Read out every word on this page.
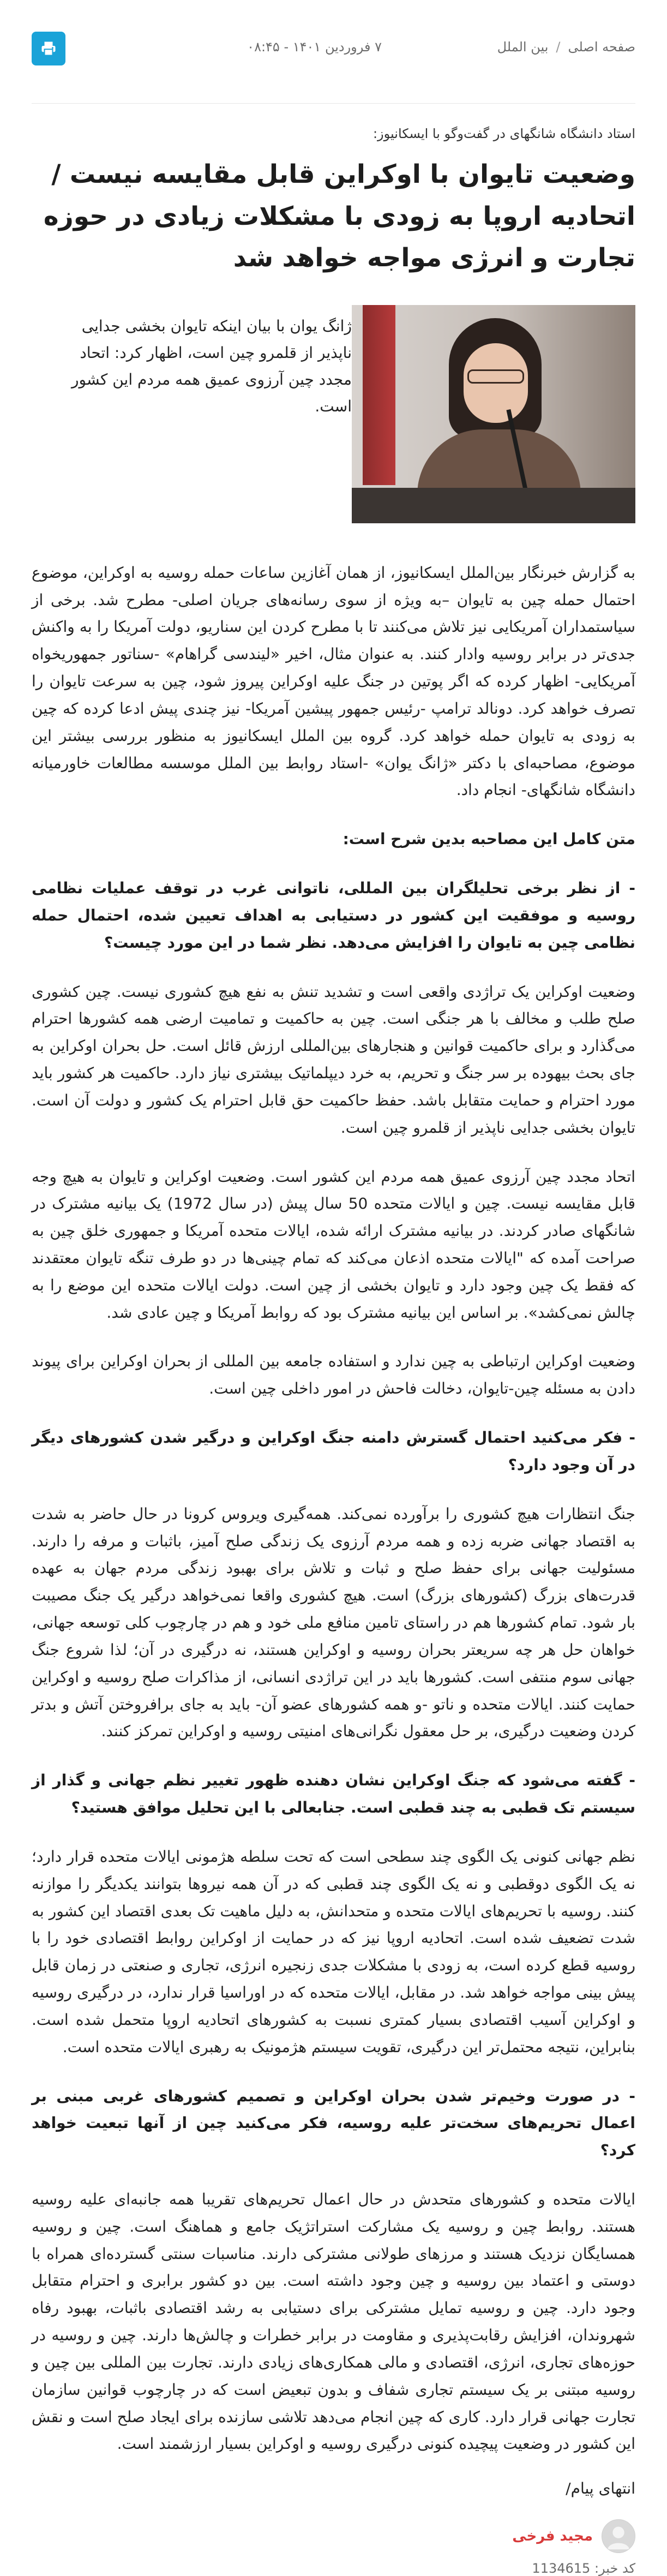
صفحه اصلی
/
بین الملل
۷ فروردین ۱۴۰۱ - ۰۸:۴۵
استاد دانشگاه شانگهای در گفت‌وگو با ایسکانیوز:
وضعیت تایوان با اوکراین قابل مقایسه نیست / اتحادیه اروپا به زودی با مشکلات زیادی در حوزه تجارت و انرژی مواجه خواهد شد

ژانگ یوان با بیان اینکه تایوان بخشی جدایی ناپذیر از قلمرو چین است، اظهار کرد: اتحاد مجدد چین آرزوی عمیق همه مردم این کشور است.

به گزارش خبرنگار بین‌الملل ایسکانیوز، از همان آغازین ساعات حمله روسیه به اوکراین، موضوع احتمال حمله چین به تایوان –به ویژه از سوی رسانه‌های جریان اصلی- مطرح شد. برخی از سیاستمداران آمریکایی نیز تلاش می‌کنند تا با مطرح کردن این سناریو، دولت آمریکا را به واکنش جدی‌تر در برابر روسیه وادار کنند. به عنوان مثال، اخیر «لیندسی گراهام» -سناتور جمهوریخواه آمریکایی- اظهار کرده که اگر پوتین در جنگ علیه اوکراین پیروز شود، چین به سرعت تایوان را تصرف خواهد کرد. دونالد ترامپ -رئیس جمهور پیشین آمریکا- نیز چندی پیش ادعا کرده که چین به زودی به تایوان حمله خواهد کرد. گروه بین الملل ایسکانیوز به منظور بررسی بیشتر این موضوع، مصاحبه‌ای با دکتر «ژانگ یوان» -استاد روابط بین الملل موسسه مطالعات خاورمیانه دانشگاه شانگهای- انجام داد.

متن کامل این مصاحبه بدین شرح است:

- از نظر برخی تحلیلگران بین المللی، ناتوانی غرب در توقف عملیات نظامی روسیه و موفقیت این کشور در دستیابی به اهداف تعیین شده، احتمال حمله نظامی چین به تایوان را افزایش می‌دهد. نظر شما در این مورد چیست؟

وضعیت اوکراین یک تراژدی واقعی است و تشدید تنش به نفع هیچ کشوری نیست. چین کشوری صلح طلب و مخالف با هر جنگی است. چین به حاکمیت و تمامیت ارضی همه کشورها احترام می‌گذارد و برای حاکمیت قوانین و هنجارهای بین‌المللی ارزش قائل است. حل بحران اوکراین به جای بحث بیهوده بر سر جنگ و تحریم، به خرد دیپلماتیک بیشتری نیاز دارد. حاکمیت هر کشور باید مورد احترام و حمایت متقابل باشد. حفظ حاکمیت حق قابل احترام یک کشور و دولت آن است. تایوان بخشی جدایی ناپذیر از قلمرو چین است.

اتحاد مجدد چین آرزوی عمیق همه مردم این کشور است. وضعیت اوکراین و تایوان به هیچ وجه قابل مقایسه نیست. چین و ایالات متحده 50 سال پیش (در سال 1972) یک بیانیه مشترک در شانگهای صادر کردند. در بیانیه مشترک ارائه شده، ایالات متحده آمریکا و جمهوری خلق چین به صراحت آمده که "ایالات متحده اذعان می‌کند که تمام چینی‌ها در دو طرف تنگه تایوان معتقدند که فقط یک چین وجود دارد و تایوان بخشی از چین است. دولت ایالات متحده این موضع را به چالش نمی‌کشد». بر اساس این بیانیه مشترک بود که روابط آمریکا و چین عادی شد.

وضعیت اوکراین ارتباطی به چین ندارد و استفاده جامعه بین المللی از بحران اوکراین برای پیوند دادن به مسئله چین-تایوان، دخالت فاحش در امور داخلی چین است.

- فکر می‌کنید احتمال گسترش دامنه جنگ اوکراین و درگیر شدن کشورهای دیگر در آن وجود دارد؟

جنگ انتظارات هیچ کشوری را برآورده نمی‌کند. همه‌گیری ویروس کرونا در حال حاضر به شدت به اقتصاد جهانی ضربه زده و همه مردم آرزوی یک زندگی صلح آمیز، باثبات و مرفه را دارند. مسئولیت جهانی برای حفظ صلح و ثبات و تلاش برای بهبود زندگی مردم جهان به عهده قدرت‌های بزرگ (کشورهای بزرگ) است. هیچ کشوری واقعا نمی‌خواهد درگیر یک جنگ مصیبت بار شود. تمام کشورها هم در راستای تامین منافع ملی خود و هم در چارچوب کلی توسعه جهانی، خواهان حل هر چه سریعتر بحران روسیه و اوکراین هستند، نه درگیری در آن؛ لذا شروع جنگ جهانی سوم منتفی است. کشورها باید در این تراژدی انسانی، از مذاکرات صلح روسیه و اوکراین حمایت کنند. ایالات متحده و ناتو -و همه کشورهای عضو آن- باید به جای برافروختن آتش و بدتر کردن وضعیت درگیری، بر حل معقول نگرانی‌های امنیتی روسیه و اوکراین تمرکز کنند.

- گفته می‌شود که جنگ اوکراین نشان دهنده ظهور تغییر نظم جهانی و گذار از سیستم تک قطبی به چند قطبی است. جنابعالی با این تحلیل موافق هستید؟

نظم جهانی کنونی یک الگوی چند سطحی است که تحت سلطه هژمونی ایالات متحده قرار دارد؛ نه یک الگوی دوقطبی و نه یک الگوی چند قطبی که در آن همه نیروها بتوانند یکدیگر را موازنه کنند. روسیه با تحریم‌های ایالات متحده و متحدانش، به دلیل ماهیت تک بعدی اقتصاد این کشور به شدت تضعیف شده است. اتحادیه اروپا نیز که در حمایت از اوکراین روابط اقتصادی خود را با روسیه قطع کرده است، به زودی با مشکلات جدی زنجیره انرژی، تجاری و صنعتی در زمان قابل پیش بینی مواجه خواهد شد. در مقابل، ایالات متحده که در اوراسیا قرار ندارد، در درگیری روسیه و اوکراین آسیب اقتصادی بسیار کمتری نسبت به کشورهای اتحادیه اروپا متحمل شده است. بنابراین، نتیجه محتمل‌تر این درگیری، تقویت سیستم هژمونیک به رهبری ایالات متحده است.

- در صورت وخیم‌تر شدن بحران اوکراین و تصمیم کشورهای غربی مبنی بر اعمال تحریم‌های سخت‌تر علیه روسیه، فکر می‌کنید چین از آنها تبعیت خواهد کرد؟

ایالات متحده و کشورهای متحدش در حال اعمال تحریم‌های تقریبا همه جانبه‌ای علیه روسیه هستند. روابط چین و روسیه یک مشارکت استراتژیک جامع و هماهنگ است. چین و روسیه همسایگان نزدیک هستند و مرزهای طولانی مشترکی دارند. مناسبات سنتی گسترده‌ای همراه با دوستی و اعتماد بین روسیه و چین وجود داشته است. بین دو کشور برابری و احترام متقابل وجود دارد. چین و روسیه تمایل مشترکی برای دستیابی به رشد اقتصادی باثبات، بهبود رفاه شهروندان، افزایش رقابت‌پذیری و مقاومت در برابر خطرات و چالش‌ها دارند. چین و روسیه در حوزه‌های تجاری، انرژی، اقتصادی و مالی همکاری‌های زیادی دارند. تجارت بین المللی بین چین و روسیه مبتنی بر یک سیستم تجاری شفاف و بدون تبعیض است که در چارچوب قوانین سازمان تجارت جهانی قرار دارد. کاری که چین انجام می‌دهد تلاشی سازنده برای ایجاد صلح است و نقش این کشور در وضعیت پیچیده کنونی درگیری روسیه و اوکراین بسیار ارزشمند است.

انتهای پیام/

مجید فرخی
کد خبر: 1134615
